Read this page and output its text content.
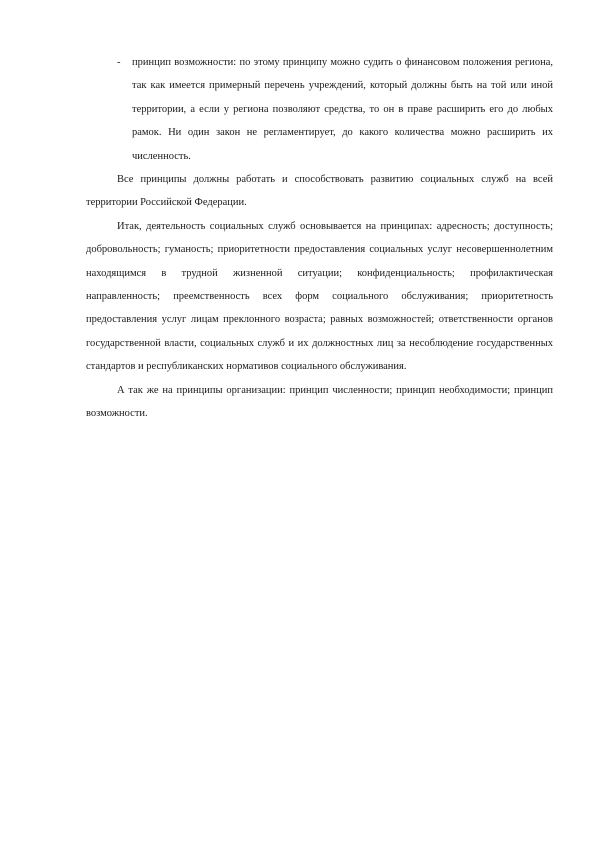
- принцип возможности: по этому принципу можно судить о финансовом положения региона, так как имеется примерный перечень учреждений, который должны быть на той или иной территории, а если у региона позволяют средства, то он в праве расширить его до любых рамок. Ни один закон не регламентирует, до какого количества можно расширить их численность.

Все принципы должны работать и способствовать развитию социальных служб на всей территории Российской Федерации.

Итак, деятельность социальных служб основывается на принципах: адресность; доступность; добровольность; гуманость; приоритетности предоставления социальных услуг несовершеннолетним находящимся в трудной жизненной ситуации; конфиденциальность; профилактическая направленность; преемственность всех форм социального обслуживания; приоритетность предоставления услуг лицам преклонного возраста; равных возможностей; ответственности органов государственной власти, социальных служб и их должностных лиц за несоблюдение государственных стандартов и республиканских нормативов социального обслуживания.

А так же на принципы организации: принцип численности; принцип необходимости; принцип возможности.
